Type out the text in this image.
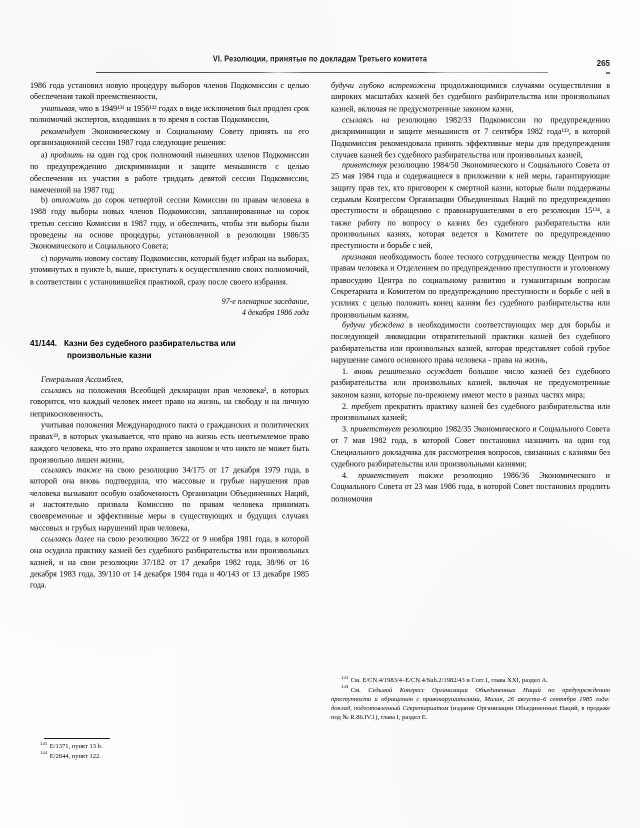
VI. Резолюции, принятые по докладам Третьего комитета	265

1986 года установил новую процедуру выборов членов Подкомиссии с целью обеспечения такой преемственности,

учитывая, что в 1949¹³¹ и 1956¹³² годах в виде исключения был продлен срок полномочий экспертов, входивших в то время в состав Подкомиссии,

рекомендует Экономическому и Социальному Совету принять на его организационной сессии 1987 года следующие решения:

a) продлить на один год срок полномочий нынешних членов Подкомиссии по предупреждению дискриминации и защите меньшинств с целью обеспечения их участия в работе тридцать девятой сессии Подкомиссии, намеченной на 1987 год;

b) отложить до сорок четвертой сессии Комиссии по правам человека в 1988 году выборы новых членов Подкомиссии, запланированные на сорок третью сессию Комиссии в 1987 году, и обеспечить, чтобы эти выборы были проведены на основе процедуры, установленной в резолюции 1986/35 Экономического и Социального Совета;

c) поручить новому составу Подкомиссии, который будет избран на выборах, упомянутых в пункте b, выше, приступать к осуществлению своих полномочий, в соответствии с установившейся практикой, сразу после своего избрания.

97-е пленарное заседание,
4 декабря 1986 года
41/144. Казни без судебного разбирательства или
произвольные казни
Генеральная Ассамблея,

ссылаясь на положения Всеобщей декларации прав человека², в которых говорится, что каждый человек имеет право на жизнь, на свободу и на личную неприкосновенность,

учитывая положения Международного пакта о гражданских и политических правах³³, в которых указывается, что право на жизнь есть неотъемлемое право каждого человека, что это право охраняется законом и что никто не может быть произвольно лишен жизни,

ссылаясь также на свою резолюцию 34/175 от 17 декабря 1979 года, в которой она вновь подтвердила, что массовые и грубые нарушения прав человека вызывают особую озабоченность Организации Объединенных Наций, и настоятельно призвала Комиссию по правам человека принимать своевременные и эффективные меры в существующих и будущих случаях массовых и грубых нарушений прав человека,

ссылаясь далее на свою резолюцию 36/22 от 9 ноября 1981 года, в которой она осудила практику казней без судебного разбирательства или произвольных казней, и на свои резолюции 37/182 от 17 декабря 1982 года, 38/96 от 16 декабря 1983 года, 39/110 от 14 декабря 1984 года и 40/143 от 13 декабря 1985 года.

будучи глубоко встревожена продолжающимися случаями осуществления в широких масштабах казней без судебного разбирательства или произвольных казней, включая не предусмотренные законом казни,

ссылаясь на резолюцию 1982/33 Подкомиссии по предупреждению дискриминации и защите меньшинств от 7 сентября 1982 года¹³³, в которой Подкомиссия рекомендовала принять эффективные меры для предупреждения случаев казней без судебного разбирательства или произвольных казней,

приветствуя резолюцию 1984/50 Экономического и Социального Совета от 25 мая 1984 года и содержащиеся в приложении к ней меры, гарантирующие защиту прав тех, кто приговорен к смертной казни, которые были поддержаны седьмым Конгрессом Организации Объединенных Наций по предупреждению преступности и обращению с правонарушителями в его резолюции 15¹³⁴, а также работу по вопросу о казнях без судебного разбирательства или произвольных казнях, которая ведется в Комитете по предупреждению преступности и борьбе с ней,

признавая необходимость более тесного сотрудничества между Центром по правам человека и Отделением по предупреждению преступности и уголовному правосудию Центра по социальному развитию и гуманитарным вопросам Секретариата и Комитетом по предупреждению преступности и борьбе с ней в усилиях с целью положить конец казням без судебного разбирательства или произвольным казням,

будучи убеждена в необходимости соответствующих мер для борьбы и последующей ликвидации отвратительной практики казней без судебного разбирательства или произвольных казней, которая представляет собой грубое нарушение самого основного права человека - права на жизнь,

1. вновь решительно осуждает большое число казней без судебного разбирательства или произвольных казней, включая не предусмотренные законом казни, которые по-прежнему имеют место в разных частях мира;

2. требует прекратить практику казней без судебного разбирательства или произвольных казней;

3. приветствует резолюцию 1982/35 Экономического и Социального Совета от 7 мая 1982 года, в которой Совет постановил назначить на один год Специального докладчика для рассмотрения вопросов, связанных с казнями без судебного разбирательства или произвольными казнями;

4. приветствует также резолюцию 1986/36 Экономического и Социального Совета от 23 мая 1986 года, в которой Совет постановил продлить полномочия

$^{131}$ E/1371, пункт 13 b.

$^{132}$ E/2844, пункт 122.

$^{133}$ См. E/CN.4/1983/4–E/CN.4/Sub.2/1982/43 и Corr.1, глава XXI, раздел A.

$^{134}$ См. Седьмой Конгресс Организации Объединенных Наций по предупреждению преступности и обращению с правонарушителями, Милан, 26 августа–6 сентября 1985 года: доклад, подготовленный Секретариатом (издание Организации Объединенных Наций, в продаже под № R.86.IV.1), глава I, раздел E.
